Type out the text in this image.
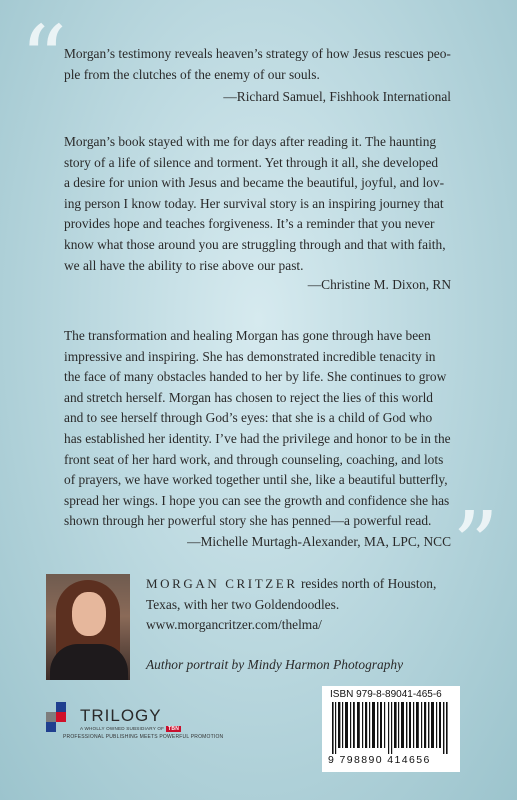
“
”

Morgan’s testimony reveals heaven’s strategy of how Jesus rescues peo-
ple from the clutches of the enemy of our souls.

—Richard Samuel, Fishhook International

Morgan’s book stayed with me for days after reading it. The haunting
story of a life of silence and torment. Yet through it all, she developed
a desire for union with Jesus and became the beautiful, joyful, and lov-
ing person I know today. Her survival story is an inspiring journey that
provides hope and teaches forgiveness. It’s a reminder that you never
know what those around you are struggling through and that with faith,
we all have the ability to rise above our past.

—Christine M. Dixon, RN

The transformation and healing Morgan has gone through have been
impressive and inspiring. She has demonstrated incredible tenacity in
the face of many obstacles handed to her by life. She continues to grow
and stretch herself. Morgan has chosen to reject the lies of this world
and to see herself through God’s eyes: that she is a child of God who
has established her identity. I’ve had the privilege and honor to be in the
front seat of her hard work, and through counseling, coaching, and lots
of prayers, we have worked together until she, like a beautiful butterfly,
spread her wings. I hope you can see the growth and confidence she has
shown through her powerful story she has penned—a powerful read.

—Michelle Murtagh-Alexander, MA, LPC, NCC
MORGAN CRITZER resides north of Houston,
Texas, with her two Goldendoodles.
www.morgancritzer.com/thelma/
Author portrait by Mindy Harmon Photography
TRILOGY
A WHOLLY OWNED SUBSIDIARY OF TBN
PROFESSIONAL PUBLISHING MEETS POWERFUL PROMOTION
ISBN 979-8-89041-465-6
9 798890 414656
